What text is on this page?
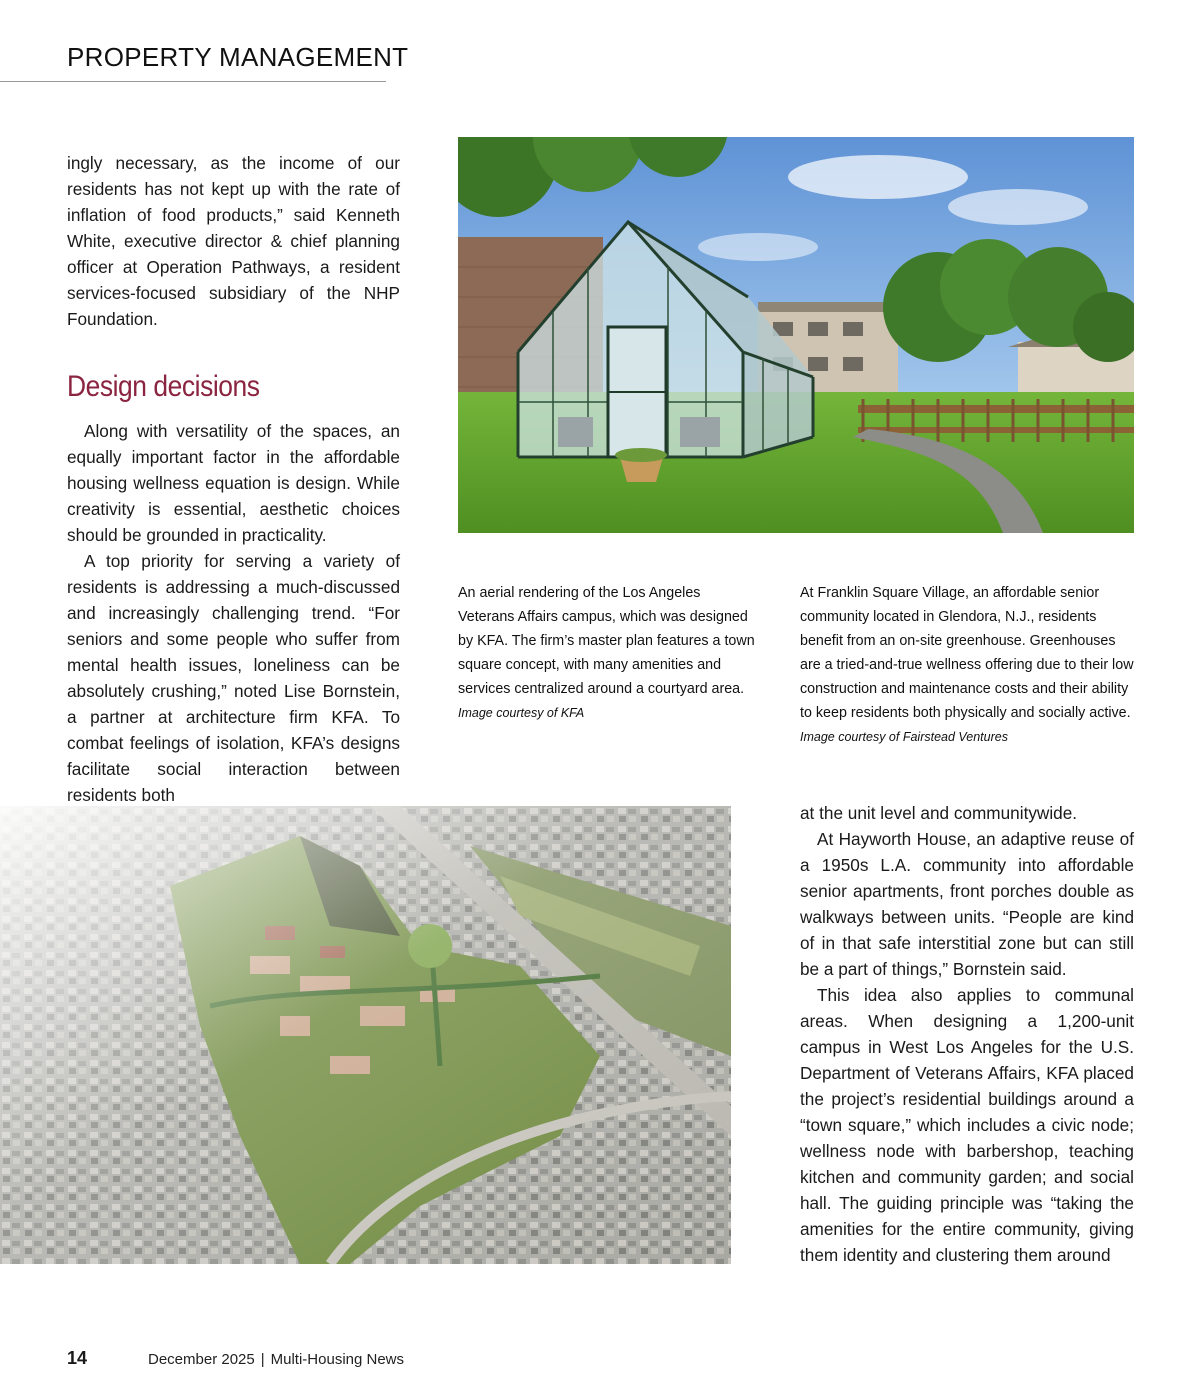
PROPERTY MANAGEMENT

ingly necessary, as the income of our residents has not kept up with the rate of inflation of food products,” said Kenneth White, executive director & chief planning officer at Operation Pathways, a resident services-focused subsidiary of the NHP Foundation.

Design decisions

Along with versatility of the spaces, an equally important factor in the affordable housing wellness equation is design. While creativity is essential, aesthetic choices should be grounded in practicality.

A top priority for serving a variety of residents is addressing a much-discussed and increasingly challenging trend. “For seniors and some people who suffer from mental health issues, loneliness can be absolutely crushing,” noted Lise Bornstein, a partner at architecture firm KFA. To combat feelings of isolation, KFA’s designs facilitate social interaction between residents both

An aerial rendering of the Los Angeles Veterans Affairs campus, which was designed by KFA. The firm’s master plan features a town square concept, with many amenities and services centralized around a courtyard area.
Image courtesy of KFA
At Franklin Square Village, an affordable senior community located in Glendora, N.J., residents benefit from an on-site greenhouse. Greenhouses are a tried-and-true wellness offering due to their low construction and maintenance costs and their ability to keep residents both physically and socially active. Image courtesy of Fairstead Ventures

at the unit level and communitywide.

At Hayworth House, an adaptive reuse of a 1950s L.A. community into affordable senior apartments, front porches double as walkways between units. “People are kind of in that safe interstitial zone but can still be a part of things,” Bornstein said.

This idea also applies to communal areas. When designing a 1,200-unit campus in West Los Angeles for the U.S. Department of Veterans Affairs, KFA placed the project’s residential buildings around a “town square,” which includes a civic node; wellness node with barbershop, teaching kitchen and community garden; and social hall. The guiding principle was “taking the amenities for the entire community, giving them identity and clustering them around

14	December 2025 | Multi-Housing News
